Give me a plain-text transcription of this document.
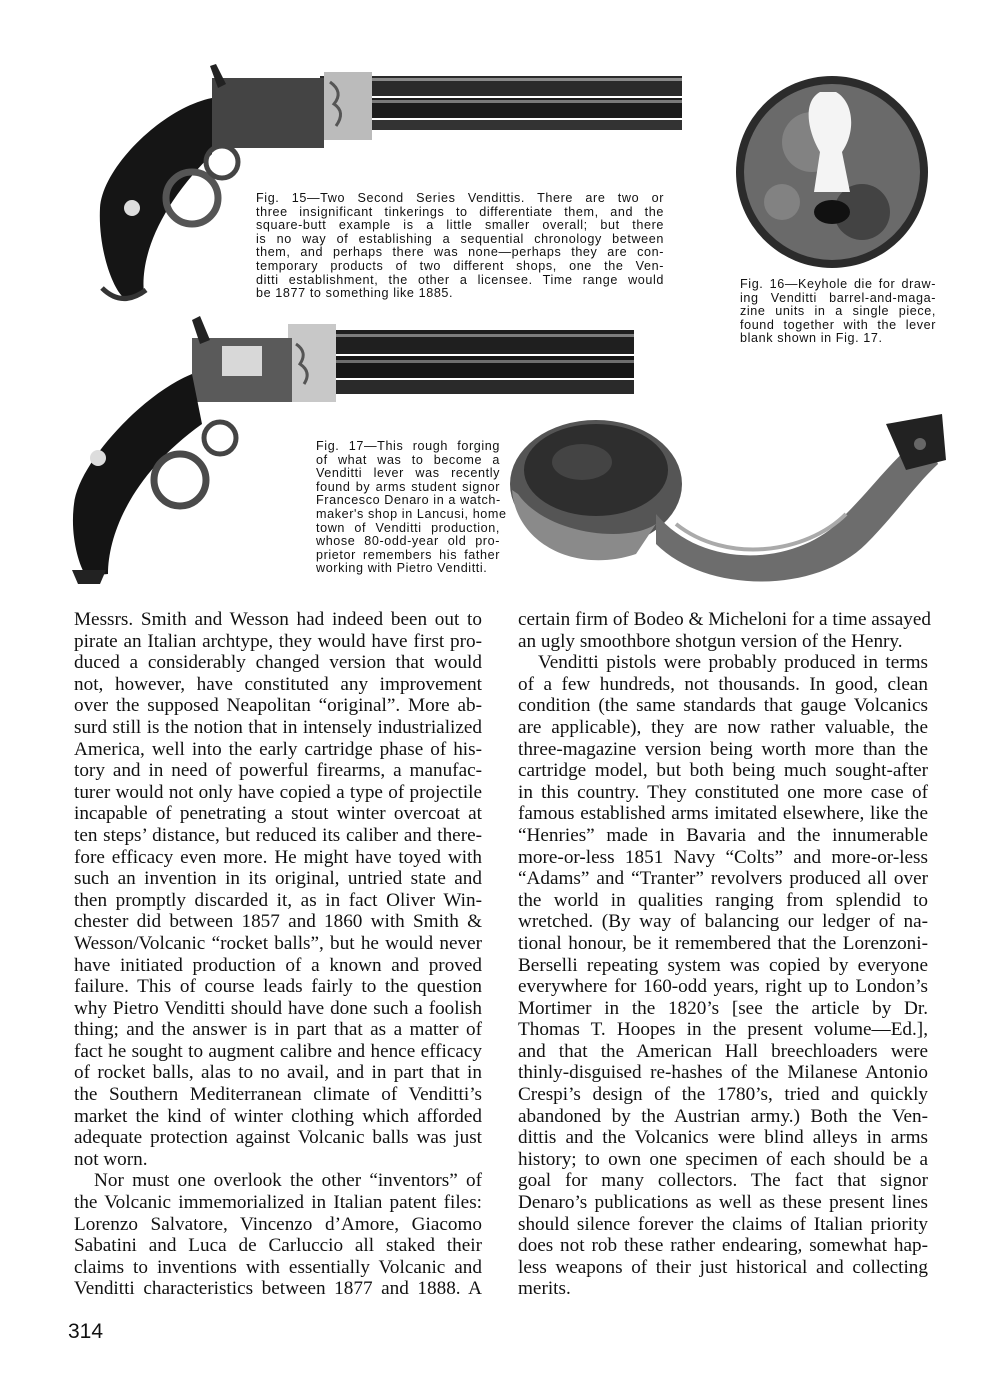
Fig. 15—Two Second Series Vendittis. There are two or
three insignificant tinkerings to differentiate them, and the
square-butt example is a little smaller overall; but there
is no way of establishing a sequential chronology between
them, and perhaps there was none—perhaps they are con-
temporary products of two different shops, one the Ven-
ditti establishment, the other a licensee. Time range would
be 1877 to something like 1885.
Fig. 16—Keyhole die for draw-
ing Venditti barrel-and-maga-
zine units in a single piece,
found together with the lever
blank shown in Fig. 17.
Fig. 17—This rough forging
of what was to become a
Venditti lever was recently
found by arms student signor
Francesco Denaro in a watch-
maker's shop in Lancusi, home
town of Venditti production,
whose 80-odd-year old pro-
prietor remembers his father
working with Pietro Venditti.
Messrs. Smith and Wesson had indeed been out to
pirate an Italian archtype, they would have first pro-
duced a considerably changed version that would
not, however, have constituted any improvement
over the supposed Neapolitan “original”. More ab-
surd still is the notion that in intensely industrialized
America, well into the early cartridge phase of his-
tory and in need of powerful firearms, a manufac-
turer would not only have copied a type of projectile
incapable of penetrating a stout winter overcoat at
ten steps’ distance, but reduced its caliber and there-
fore efficacy even more. He might have toyed with
such an invention in its original, untried state and
then promptly discarded it, as in fact Oliver Win-
chester did between 1857 and 1860 with Smith &
Wesson/Volcanic “rocket balls”, but he would never
have initiated production of a known and proved
failure. This of course leads fairly to the question
why Pietro Venditti should have done such a foolish
thing; and the answer is in part that as a matter of
fact he sought to augment calibre and hence efficacy
of rocket balls, alas to no avail, and in part that in
the Southern Mediterranean climate of Venditti’s
market the kind of winter clothing which afforded
adequate protection against Volcanic balls was just
not worn.
Nor must one overlook the other “inventors” of
the Volcanic immemorialized in Italian patent files:
Lorenzo Salvatore, Vincenzo d’Amore, Giacomo
Sabatini and Luca de Carluccio all staked their
claims to inventions with essentially Volcanic and
Venditti characteristics between 1877 and 1888. A
certain firm of Bodeo & Micheloni for a time assayed
an ugly smoothbore shotgun version of the Henry.
Venditti pistols were probably produced in terms
of a few hundreds, not thousands. In good, clean
condition (the same standards that gauge Volcanics
are applicable), they are now rather valuable, the
three-magazine version being worth more than the
cartridge model, but both being much sought-after
in this country. They constituted one more case of
famous established arms imitated elsewhere, like the
“Henries” made in Bavaria and the innumerable
more-or-less 1851 Navy “Colts” and more-or-less
“Adams” and “Tranter” revolvers produced all over
the world in qualities ranging from splendid to
wretched. (By way of balancing our ledger of na-
tional honour, be it remembered that the Lorenzoni-
Berselli repeating system was copied by everyone
everywhere for 160-odd years, right up to London’s
Mortimer in the 1820’s [see the article by Dr.
Thomas T. Hoopes in the present volume—Ed.],
and that the American Hall breechloaders were
thinly-disguised re-hashes of the Milanese Antonio
Crespi’s design of the 1780’s, tried and quickly
abandoned by the Austrian army.) Both the Ven-
dittis and the Volcanics were blind alleys in arms
history; to own one specimen of each should be a
goal for many collectors. The fact that signor
Denaro’s publications as well as these present lines
should silence forever the claims of Italian priority
does not rob these rather endearing, somewhat hap-
less weapons of their just historical and collecting
merits.
314
